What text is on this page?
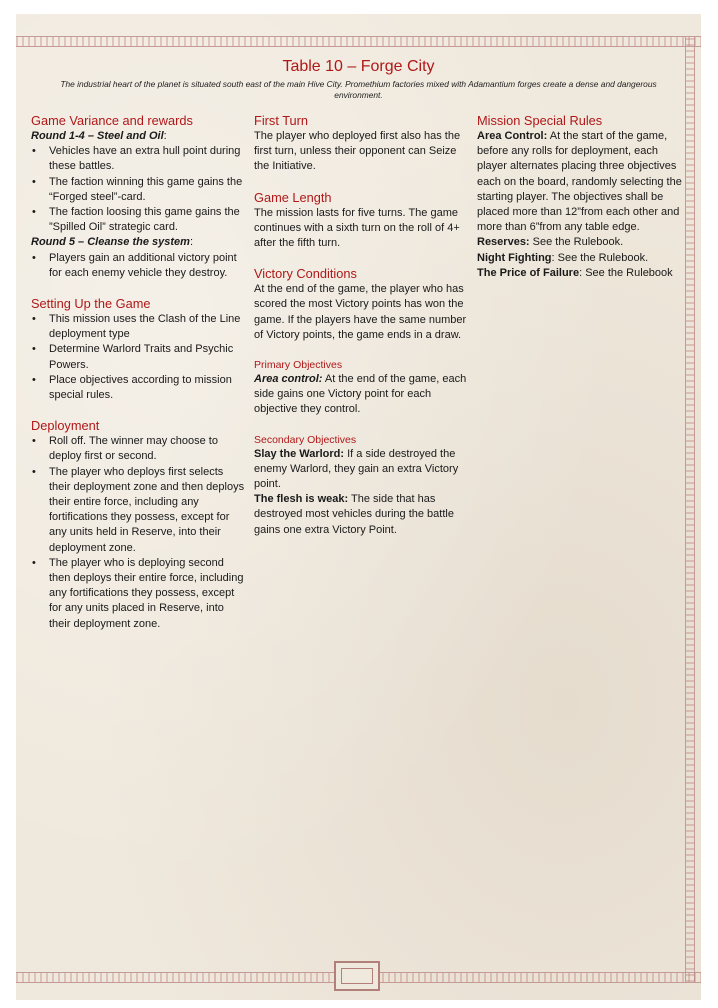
Table 10 – Forge City
The industrial heart of the planet is situated south east of the main Hive City. Promethium factories mixed with Adamantium forges create a dense and dangerous environment.
Game Variance and rewards

Round 1-4 – Steel and Oil:

• Vehicles have an extra hull point during these battles.
• The faction winning this game gains the “Forged steel”-card.
• The faction loosing this game gains the ”Spilled Oil” strategic card.

Round 5 – Cleanse the system:

• Players gain an additional victory point for each enemy vehicle they destroy.
Setting Up the Game
• This mission uses the Clash of the Line deployment type
• Determine Warlord Traits and Psychic Powers.
• Place objectives according to mission special rules.
Deployment
• Roll off. The winner may choose to deploy first or second.
• The player who deploys first selects their deployment zone and then deploys their entire force, including any fortifications they possess, except for any units held in Reserve, into their deployment zone.
• The player who is deploying second then deploys their entire force, including any fortifications they possess, except for any units placed in Reserve, into their deployment zone.
First Turn

The player who deployed first also has the first turn, unless their opponent can Seize the Initiative.

Game Length

The mission lasts for five turns. The game continues with a sixth turn on the roll of 4+ after the fifth turn.

Victory Conditions

At the end of the game, the player who has scored the most Victory points has won the game. If the players have the same number of Victory points, the game ends in a draw.

Primary Objectives

Area control: At the end of the game, each side gains one Victory point for each objective they control.

Secondary Objectives

Slay the Warlord: If a side destroyed the enemy Warlord, they gain an extra Victory point.

The flesh is weak: The side that has destroyed most vehicles during the battle gains one extra Victory Point.

Mission Special Rules

Area Control: At the start of the game, before any rolls for deployment, each player alternates placing three objectives each on the board, randomly selecting the starting player. The objectives shall be placed more than 12”from each other and more than 6”from any table edge.

Reserves: See the Rulebook.

Night Fighting: See the Rulebook.

The Price of Failure: See the Rulebook
